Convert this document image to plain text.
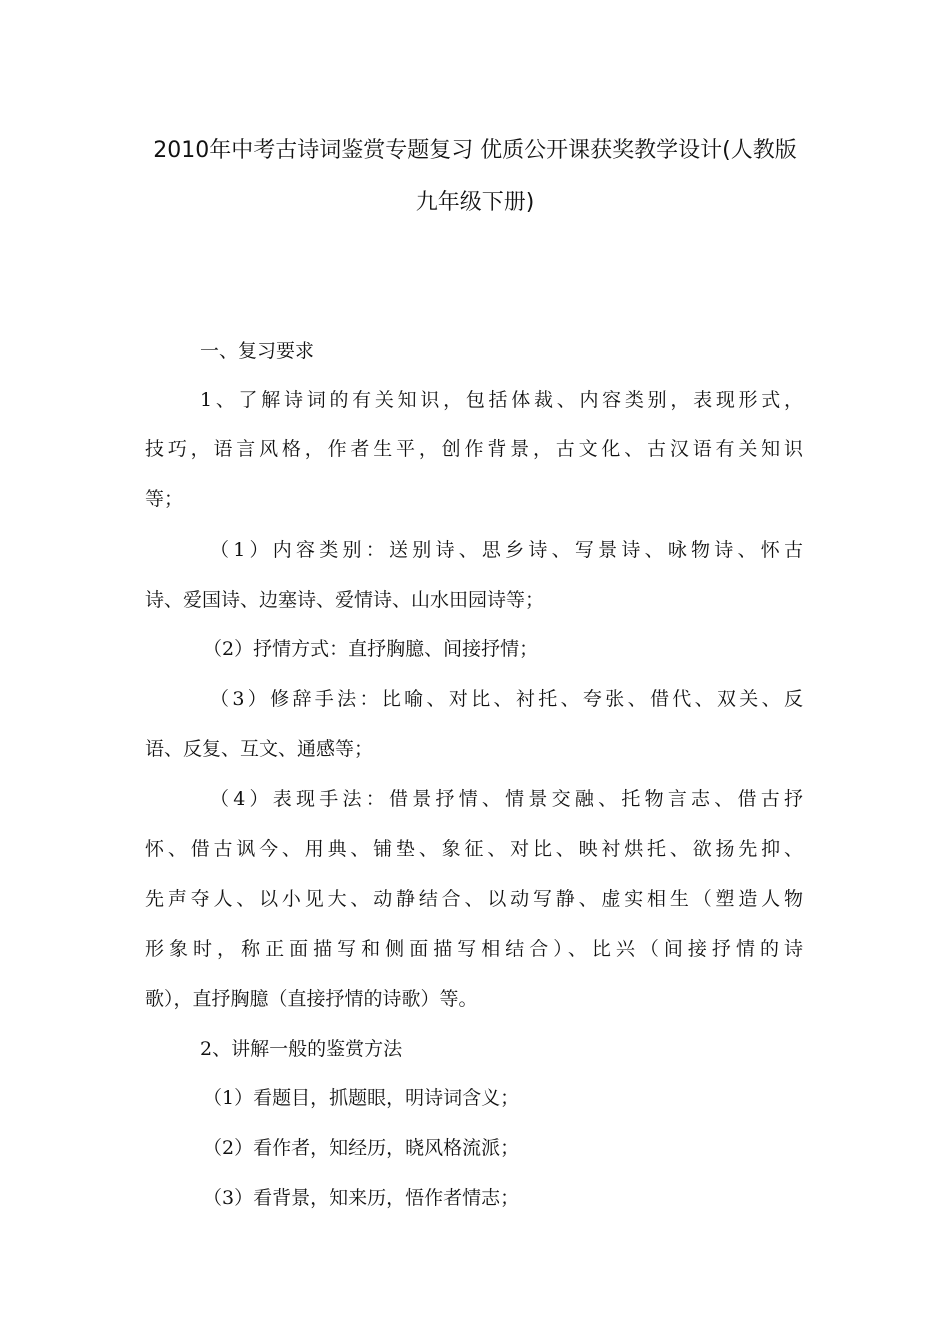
2010年中考古诗词鉴赏专题复习 优质公开课获奖教学设计(人教版
九年级下册)
一、复习要求
1、了解诗词的有关知识，包括体裁、内容类别，表现形式，
技巧，语言风格，作者生平，创作背景，古文化、古汉语有关知识
等；
（1）内容类别：送别诗、思乡诗、写景诗、咏物诗、怀古
诗、爱国诗、边塞诗、爱情诗、山水田园诗等；
（2）抒情方式：直抒胸臆、间接抒情；
（3）修辞手法：比喻、对比、衬托、夸张、借代、双关、反
语、反复、互文、通感等；
（4）表现手法：借景抒情、情景交融、托物言志、借古抒
怀、借古讽今、用典、铺垫、象征、对比、映衬烘托、欲扬先抑、
先声夺人、以小见大、动静结合、以动写静、虚实相生（塑造人物
形象时，称正面描写和侧面描写相结合）、比兴（间接抒情的诗
歌），直抒胸臆（直接抒情的诗歌）等。
2、讲解一般的鉴赏方法
（1）看题目，抓题眼，明诗词含义；
（2）看作者，知经历，晓风格流派；
（3）看背景，知来历，悟作者情志；
